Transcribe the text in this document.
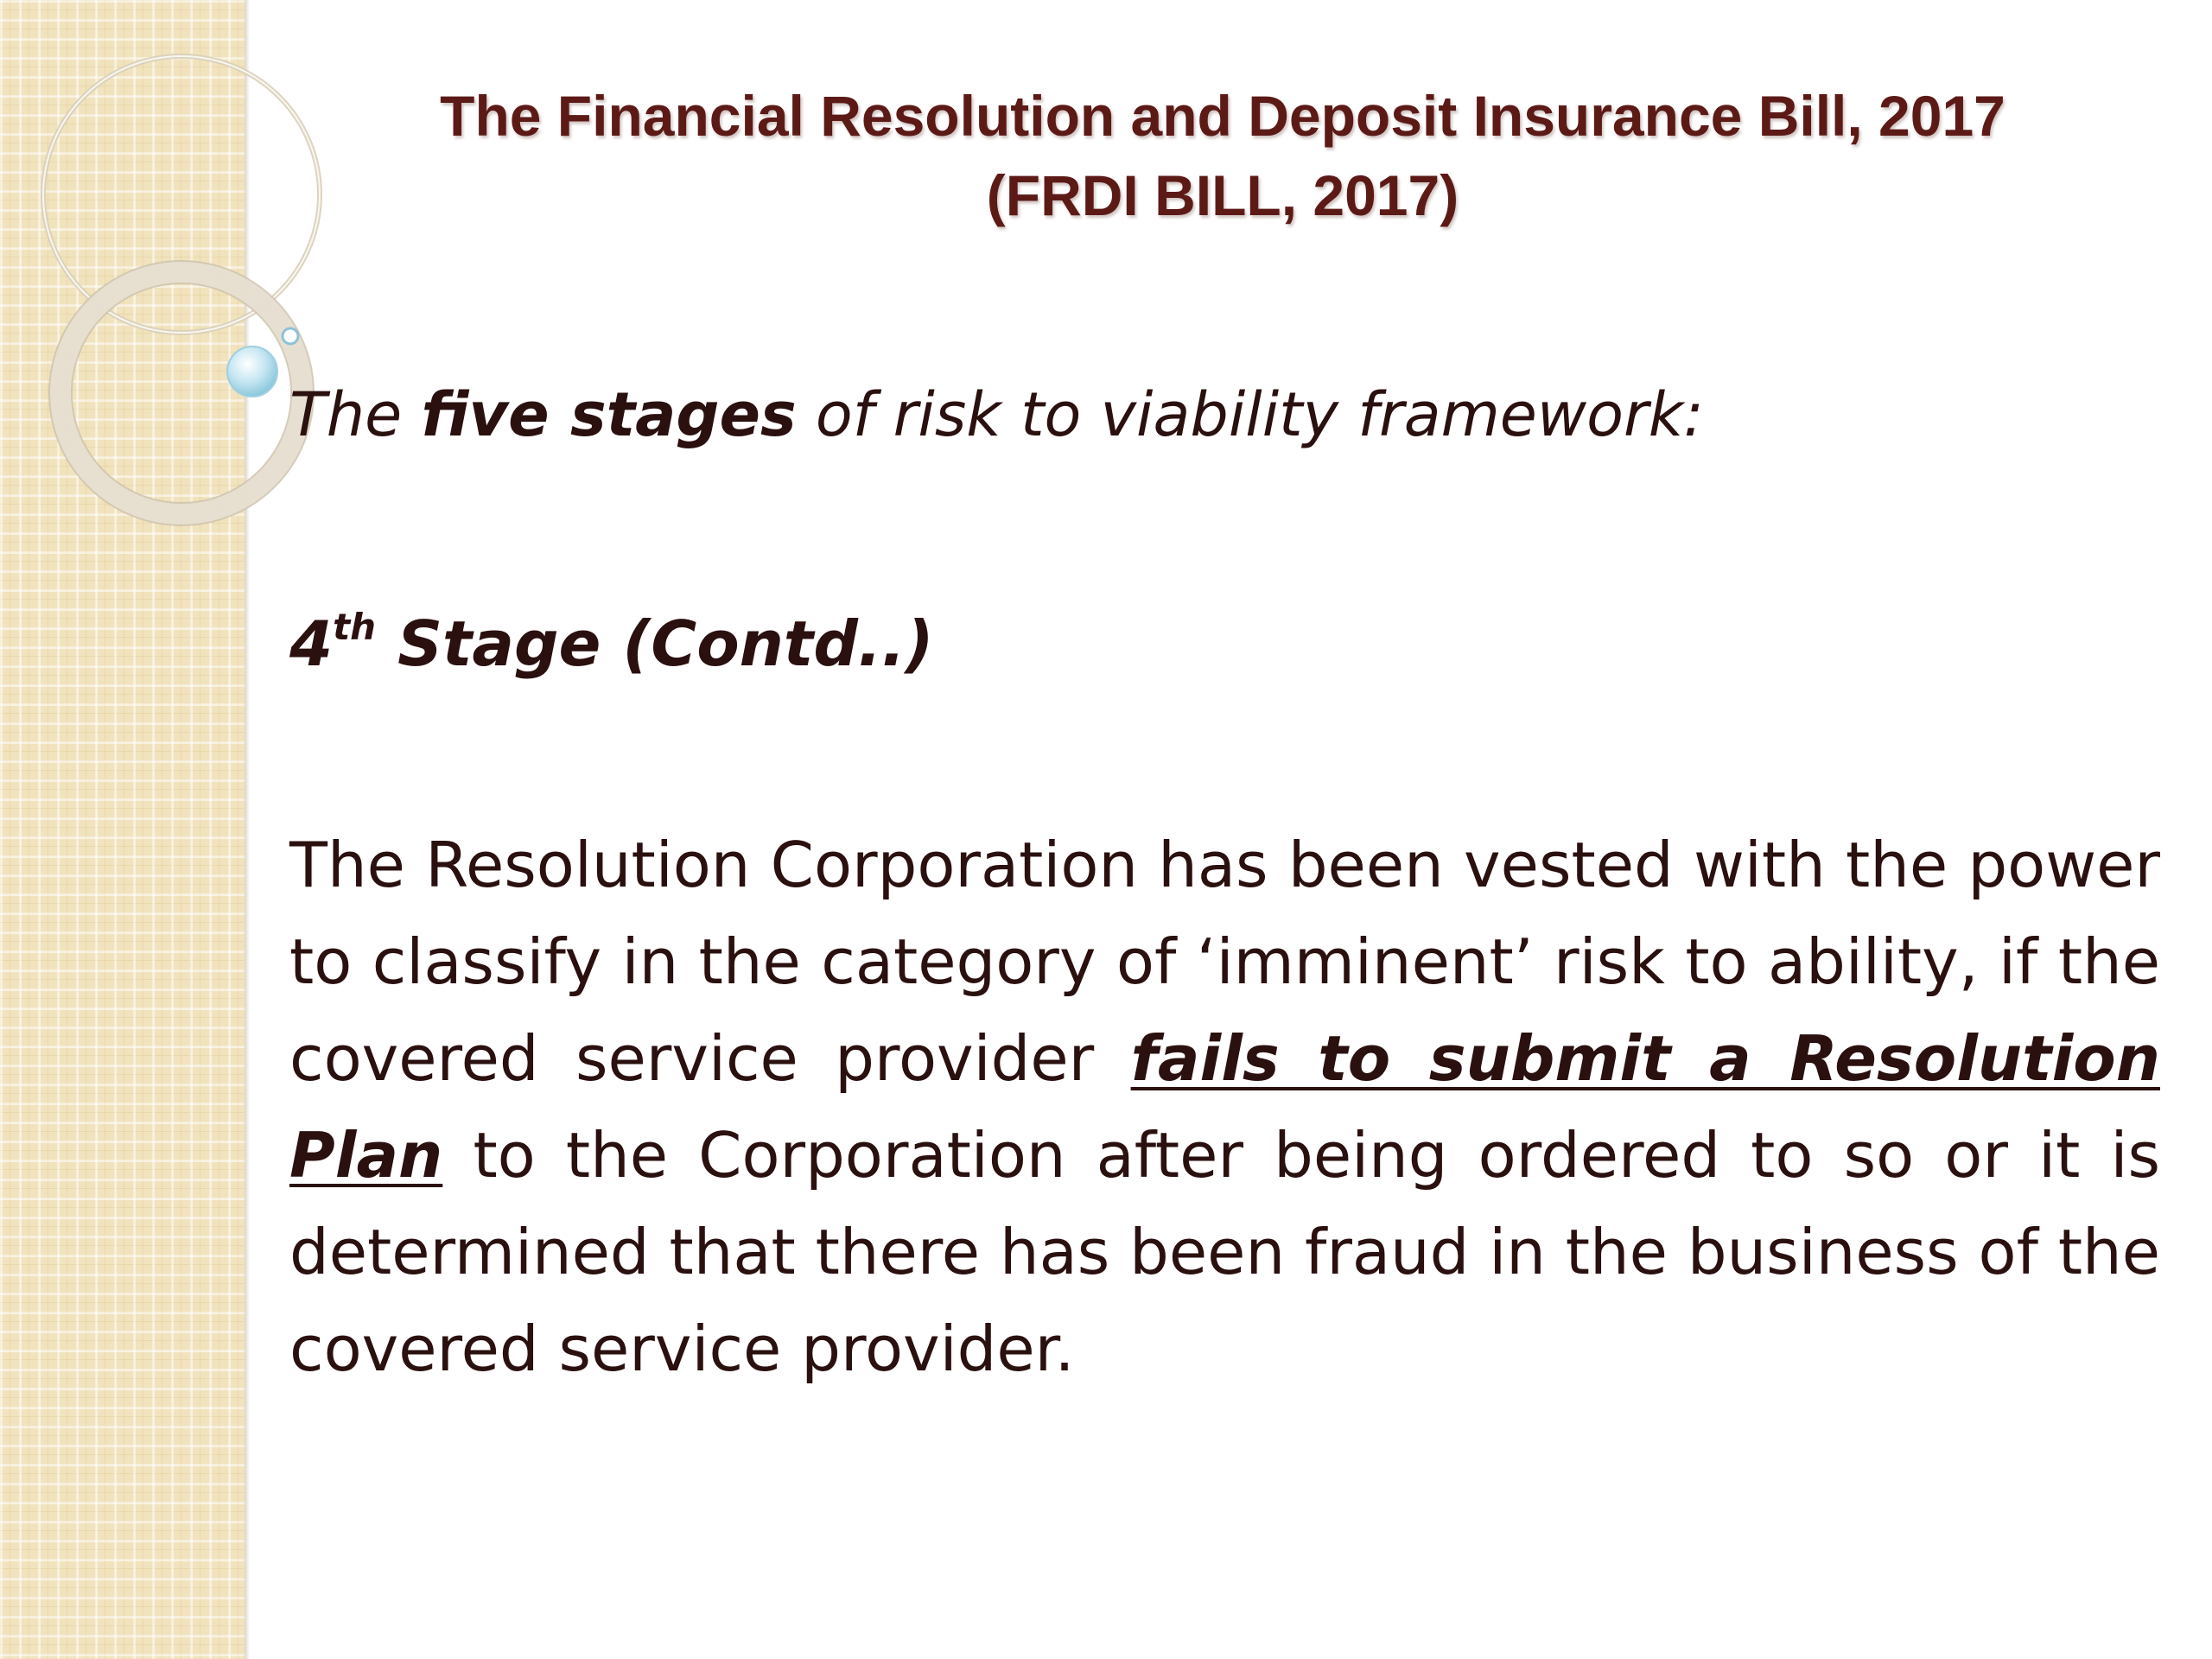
The Financial Resolution and Deposit Insurance Bill, 2017
(FRDI BILL, 2017)
The five stages of risk to viability framework:
4th Stage (Contd..)
The Resolution Corporation has been vested with the power to classify in the category of ‘imminent’ risk to ability, if the covered service provider fails to submit a Resolution Plan to the Corporation after being ordered to so or it is determined that there has been fraud in the business of the covered service provider.
